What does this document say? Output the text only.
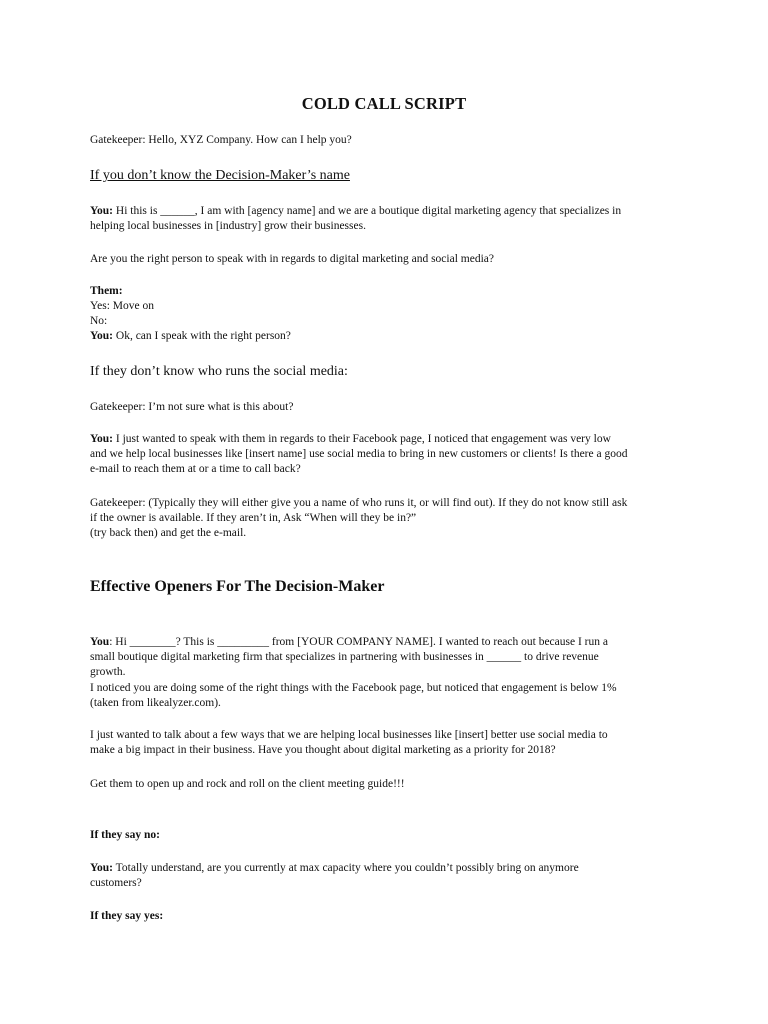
COLD CALL SCRIPT

Gatekeeper: Hello, XYZ Company. How can I help you?

If you don’t know the Decision-Maker’s name

You: Hi this is ______, I am with [agency name] and we are a boutique digital marketing agency that specializes in

helping local businesses in [industry] grow their businesses.

Are you the right person to speak with in regards to digital marketing and social media?

Them:

Yes: Move on

No:

You: Ok, can I speak with the right person?

If they don’t know who runs the social media:

Gatekeeper: I’m not sure what is this about?

You: I just wanted to speak with them in regards to their Facebook page, I noticed that engagement was very low

and we help local businesses like [insert name] use social media to bring in new customers or clients! Is there a good

e-mail to reach them at or a time to call back?

Gatekeeper: (Typically they will either give you a name of who runs it, or will find out). If they do not know still ask

if the owner is available. If they aren’t in, Ask “When will they be in?”

(try back then) and get the e-mail.

Effective Openers For The Decision-Maker

You: Hi ________? This is _________ from [YOUR COMPANY NAME]. I wanted to reach out because I run a

small boutique digital marketing firm that specializes in partnering with businesses in ______ to drive revenue

growth.

I noticed you are doing some of the right things with the Facebook page, but noticed that engagement is below 1%

(taken from likealyzer.com).

I just wanted to talk about a few ways that we are helping local businesses like [insert] better use social media to

make a big impact in their business. Have you thought about digital marketing as a priority for 2018?

Get them to open up and rock and roll on the client meeting guide!!!

If they say no:

You: Totally understand, are you currently at max capacity where you couldn’t possibly bring on anymore

customers?

If they say yes:
